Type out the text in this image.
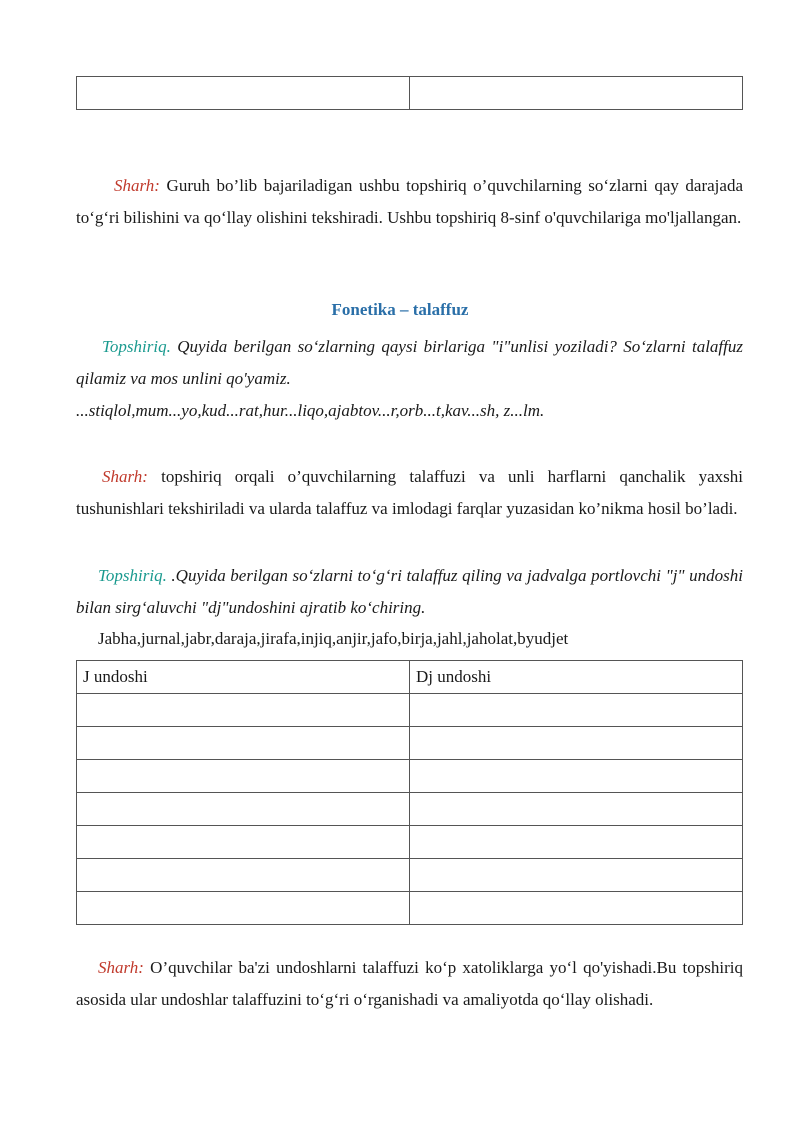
Sharh: Guruh bo’lib bajariladigan ushbu topshiriq o’quvchilarning so‘zlarni qay darajada to‘g‘ri bilishini va qo‘llay olishini tekshiradi. Ushbu topshiriq 8-sinf o'quvchilariga mo'ljallangan.

Fonetika – talaffuz

Topshiriq. Quyida berilgan so‘zlarning qaysi birlariga "i"unlisi yoziladi? So‘zlarni talaffuz qilamiz va mos unlini qo'yamiz.

...stiqlol,mum...yo,kud...rat,hur...liqo,ajabtov...r,orb...t,kav...sh, z...lm.

Sharh: topshiriq orqali o’quvchilarning talaffuzi va unli harflarni qanchalik yaxshi tushunishlari tekshiriladi va ularda talaffuz va imlodagi farqlar yuzasidan ko’nikma hosil bo’ladi.

Topshiriq. .Quyida berilgan so‘zlarni to‘g‘ri talaffuz qiling va jadvalga portlovchi "j" undoshi bilan sirg‘aluvchi "dj"undoshini ajratib ko‘chiring.

Jabha,jurnal,jabr,daraja,jirafa,injiq,anjir,jafo,birja,jahl,jaholat,byudjet

J undoshi	Dj undoshi

Sharh: O’quvchilar ba'zi undoshlarni talaffuzi ko‘p xatoliklarga yo‘l qo'yishadi.Bu topshiriq asosida ular undoshlar talaffuzini to‘g‘ri o‘rganishadi va amaliyotda qo‘llay olishadi.
